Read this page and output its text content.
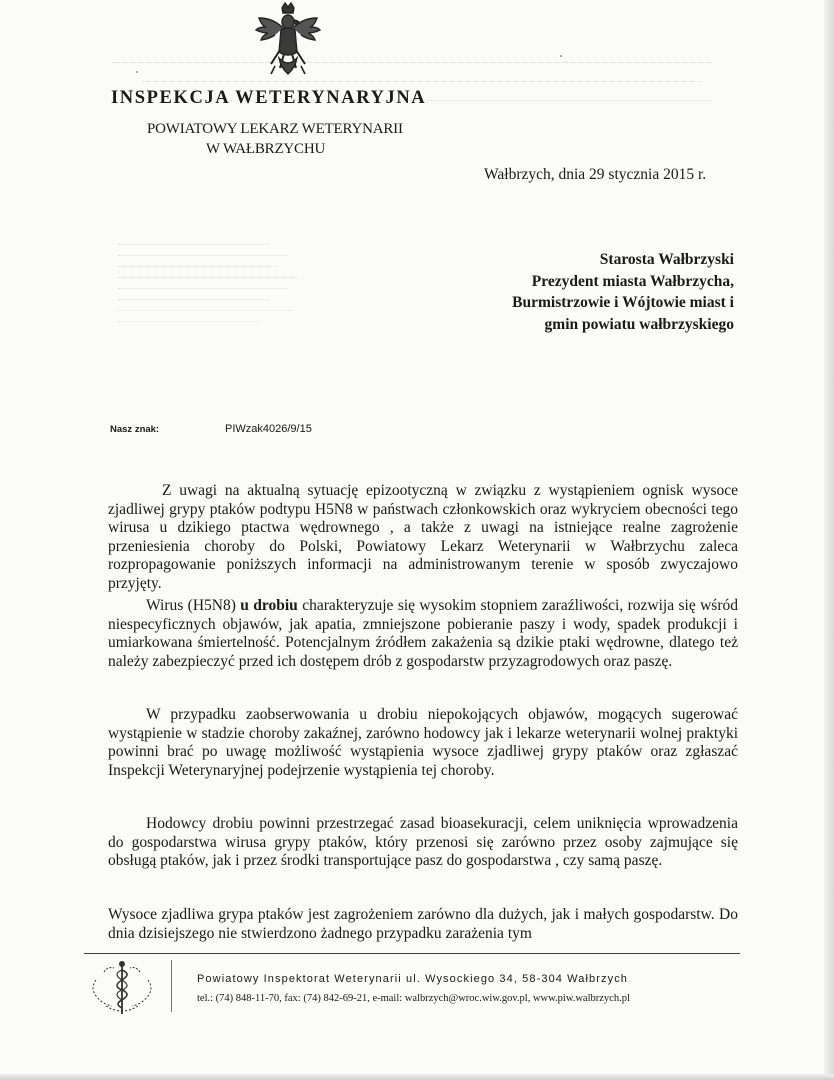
INSPEKCJA WETERYNARYJNA
POWIATOWY LEKARZ WETERYNARII
W WAŁBRZYCHU
Wałbrzych, dnia 29 stycznia 2015 r.
Starosta Wałbrzyski
Prezydent miasta Wałbrzycha,
Burmistrzowie i Wójtowie miast i
gmin powiatu wałbrzyskiego
Nasz znak:	PIWzak4026/9/15

Z uwagi na aktualną sytuację epizootyczną w związku z wystąpieniem ognisk wysoce zjadliwej grypy ptaków podtypu H5N8 w państwach członkowskich oraz wykryciem obecności tego wirusa u dzikiego ptactwa wędrownego , a także z uwagi na istniejące realne zagrożenie przeniesienia choroby do Polski, Powiatowy Lekarz Weterynarii w Wałbrzychu zaleca rozpropagowanie poniższych informacji na administrowanym terenie w sposób zwyczajowo przyjęty.

Wirus (H5N8) u drobiu charakteryzuje się wysokim stopniem zaraźliwości, rozwija się wśród niespecyficznych objawów, jak apatia, zmniejszone pobieranie paszy i wody, spadek produkcji i umiarkowana śmiertelność. Potencjalnym źródłem zakażenia są dzikie ptaki wędrowne, dlatego też należy zabezpieczyć przed ich dostępem drób z gospodarstw przyzagrodowych oraz paszę.

W przypadku zaobserwowania u drobiu niepokojących objawów, mogących sugerować wystąpienie w stadzie choroby zakaźnej, zarówno hodowcy jak i lekarze weterynarii wolnej praktyki powinni brać po uwagę możliwość wystąpienia wysoce zjadliwej grypy ptaków oraz zgłaszać Inspekcji Weterynaryjnej podejrzenie wystąpienia tej choroby.

Hodowcy drobiu powinni przestrzegać zasad bioasekuracji, celem uniknięcia wprowadzenia do gospodarstwa wirusa grypy ptaków, który przenosi się zarówno przez osoby zajmujące się obsługą ptaków, jak i przez środki transportujące pasz do gospodarstwa , czy samą paszę.

Wysoce zjadliwa grypa ptaków jest zagrożeniem zarówno dla dużych, jak i małych gospodarstw. Do dnia dzisiejszego nie stwierdzono żadnego przypadku zarażenia tym

Powiatowy Inspektorat Weterynarii ul. Wysockiego 34, 58-304 Wałbrzych
tel.: (74) 848-11-70, fax: (74) 842-69-21, e-mail: walbrzych@wroc.wiw.gov.pl, www.piw.walbrzych.pl
